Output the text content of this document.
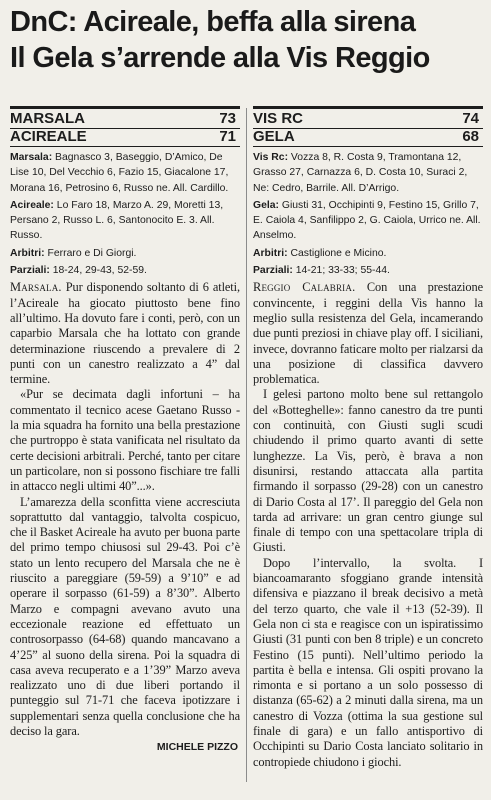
DnC: Acireale, beffa alla sirena
Il Gela s’arrende alla Vis Reggio
MARSALA	73
ACIREALE	71

Marsala: Bagnasco 3, Baseggio, D’Amico, De Lise 10, Del Vecchio 6, Fazio 15, Giacalone 17, Morana 16, Petrosino 6, Russo ne. All. Cardillo.

Acireale: Lo Faro 18, Marzo A. 29, Moretti 13, Persano 2, Russo L. 6, Santonocito E. 3. All. Russo.

Arbitri: Ferraro e Di Giorgi.

Parziali: 18-24, 29-43, 52-59.

Marsala. Pur disponendo soltanto di 6 atleti, l’Acireale ha giocato piuttosto bene fino all’ultimo. Ha dovuto fare i conti, però, con un caparbio Marsala che ha lottato con grande determinazione riuscendo a prevalere di 2 punti con un canestro realizzato a 4” dal termine.

«Pur se decimata dagli infortuni – ha commentato il tecnico acese Gaetano Russo - la mia squadra ha fornito una bella prestazione che purtroppo è stata vanificata nel risultato da certe decisioni arbitrali. Perché, tanto per citare un particolare, non si possono fischiare tre falli in attacco negli ultimi 40”...».

L’amarezza della sconfitta viene accresciuta soprattutto dal vantaggio, talvolta cospicuo, che il Basket Acireale ha avuto per buona parte del primo tempo chiusosi sul 29-43. Poi c’è stato un lento recupero del Marsala che ne è riuscito a pareggiare (59-59) a 9’10” e ad operare il sorpasso (61-59) a 8’30”. Alberto Marzo e compagni avevano avuto una eccezionale reazione ed effettuato un controsorpasso (64-68) quando mancavano a 4’25” al suono della sirena. Poi la squadra di casa aveva recuperato e a 1’39” Marzo aveva realizzato uno di due liberi portando il punteggio sul 71-71 che faceva ipotizzare i supplementari senza quella conclusione che ha deciso la gara.

MICHELE PIZZO
VIS RC	74
GELA	68

Vis Rc: Vozza 8, R. Costa 9, Tramontana 12, Grasso 27, Carnazza 6, D. Costa 10, Suraci 2, Ne: Cedro, Barrile. All. D’Arrigo.

Gela: Giusti 31, Occhipinti 9, Festino 15, Grillo 7, E. Caiola 4, Sanfilippo 2, G. Caiola, Urrico ne. All. Anselmo.

Arbitri: Castiglione e Micino.

Parziali: 14-21; 33-33; 55-44.

Reggio Calabria. Con una prestazione convincente, i reggini della Vis hanno la meglio sulla resistenza del Gela, incamerando due punti preziosi in chiave play off. I siciliani, invece, dovranno faticare molto per rialzarsi da una posizione di classifica davvero problematica.

I gelesi partono molto bene sul rettangolo del «Botteghelle»: fanno canestro da tre punti con continuità, con Giusti sugli scudi chiudendo il primo quarto avanti di sette lunghezze. La Vis, però, è brava a non disunirsi, restando attaccata alla partita firmando il sorpasso (29-28) con un canestro di Dario Costa al 17’. Il pareggio del Gela non tarda ad arrivare: un gran centro giunge sul finale di tempo con una spettacolare tripla di Giusti.

Dopo l’intervallo, la svolta. I biancoamaranto sfoggiano grande intensità difensiva e piazzano il break decisivo a metà del terzo quarto, che vale il +13 (52-39). Il Gela non ci sta e reagisce con un ispiratissimo Giusti (31 punti con ben 8 triple) e un concreto Festino (15 punti). Nell’ultimo periodo la partita è bella e intensa. Gli ospiti provano la rimonta e si portano a un solo possesso di distanza (65-62) a 2 minuti dalla sirena, ma un canestro di Vozza (ottima la sua gestione sul finale di gara) e un fallo antisportivo di Occhipinti su Dario Costa lanciato solitario in contropiede chiudono i giochi.
